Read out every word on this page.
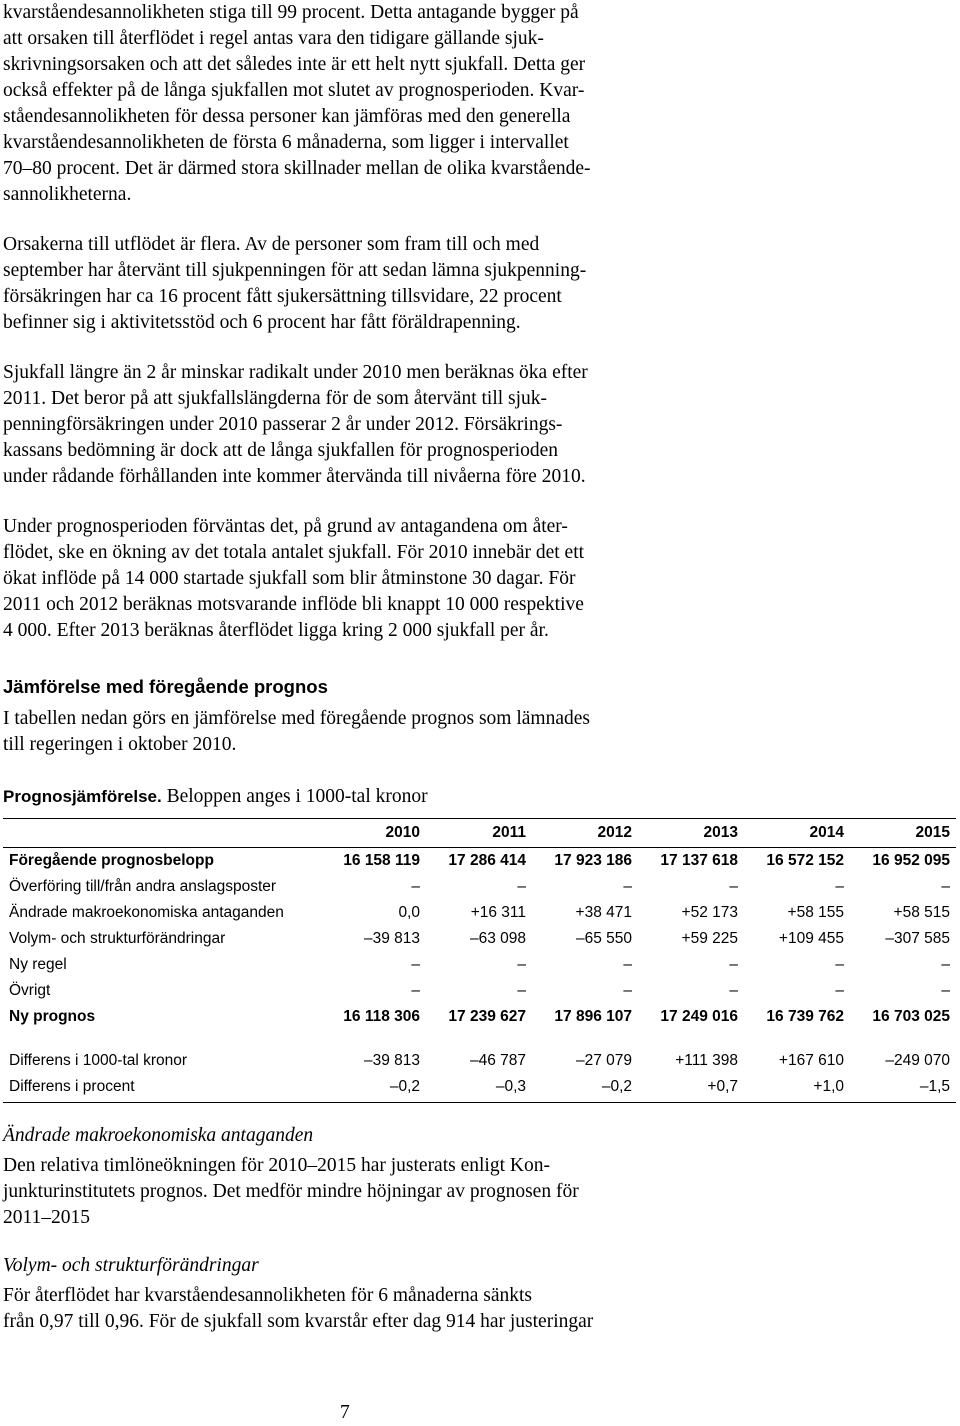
kvarståendesannolikheten stiga till 99 procent. Detta antagande bygger på
att orsaken till återflödet i regel antas vara den tidigare gällande sjuk-
skrivningsorsaken och att det således inte är ett helt nytt sjukfall. Detta ger
också effekter på de långa sjukfallen mot slutet av prognosperioden. Kvar-
ståendesannolikheten för dessa personer kan jämföras med den generella
kvarståendesannolikheten de första 6 månaderna, som ligger i intervallet
70–80 procent. Det är därmed stora skillnader mellan de olika kvarstående-
sannolikheterna.

Orsakerna till utflödet är flera. Av de personer som fram till och med
september har återvänt till sjukpenningen för att sedan lämna sjukpenning-
försäkringen har ca 16 procent fått sjukersättning tillsvidare, 22 procent
befinner sig i aktivitetsstöd och 6 procent har fått föräldrapenning.

Sjukfall längre än 2 år minskar radikalt under 2010 men beräknas öka efter
2011. Det beror på att sjukfallslängderna för de som återvänt till sjuk-
penningförsäkringen under 2010 passerar 2 år under 2012. Försäkrings-
kassans bedömning är dock att de långa sjukfallen för prognosperioden
under rådande förhållanden inte kommer återvända till nivåerna före 2010.

Under prognosperioden förväntas det, på grund av antagandena om åter-
flödet, ske en ökning av det totala antalet sjukfall. För 2010 innebär det ett
ökat inflöde på 14 000 startade sjukfall som blir åtminstone 30 dagar. För
2011 och 2012 beräknas motsvarande inflöde bli knappt 10 000 respektive
4 000. Efter 2013 beräknas återflödet ligga kring 2 000 sjukfall per år.

Jämförelse med föregående prognos

I tabellen nedan görs en jämförelse med föregående prognos som lämnades
till regeringen i oktober 2010.

Prognosjämförelse. Beloppen anges i 1000-tal kronor

	2010	2011	2012	2013	2014	2015
Föregående prognosbelopp	16 158 119	17 286 414	17 923 186	17 137 618	16 572 152	16 952 095
Överföring till/från andra anslagsposter	–	–	–	–	–	–
Ändrade makroekonomiska antaganden	0,0	+16 311	+38 471	+52 173	+58 155	+58 515
Volym- och strukturförändringar	–39 813	–63 098	–65 550	+59 225	+109 455	–307 585
Ny regel	–	–	–	–	–	–
Övrigt	–	–	–	–	–	–
Ny prognos	16 118 306	17 239 627	17 896 107	17 249 016	16 739 762	16 703 025

Differens i 1000-tal kronor	–39 813	–46 787	–27 079	+111 398	+167 610	–249 070
Differens i procent	–0,2	–0,3	–0,2	+0,7	+1,0	–1,5

Ändrade makroekonomiska antaganden

Den relativa timlöneökningen för 2010–2015 har justerats enligt Kon-
junkturinstitutets prognos. Det medför mindre höjningar av prognosen för
2011–2015

Volym- och strukturförändringar

För återflödet har kvarståendesannolikheten för 6 månaderna sänkts
från 0,97 till 0,96. För de sjukfall som kvarstår efter dag 914 har justeringar

7
